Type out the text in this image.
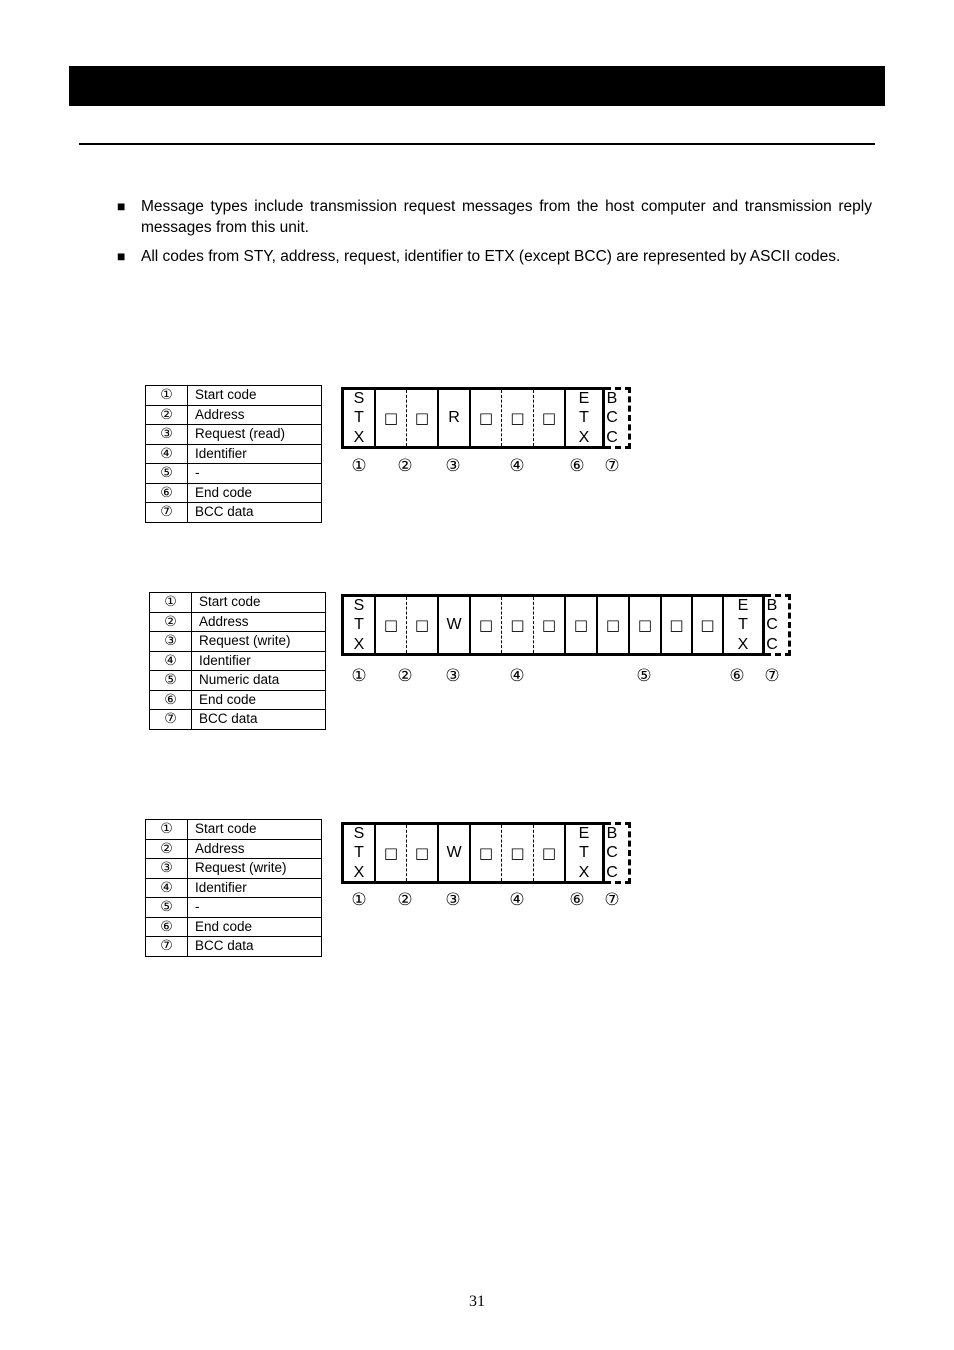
■	Message types include transmission request messages from the host computer and transmission reply messages from this unit.
■	All codes from STY, address, request, identifier to ETX (except BCC) are represented by ASCII codes.
①	Start code
②	Address
③	Request (read)
④	Identifier
⑤	-
⑥	End code
⑦	BCC data
S
T
X
□	□	R	□	□	□
E
T
X
B
C
C
① ② ③	④	⑥ ⑦
①	Start code
②	Address
③	Request (write)
④	Identifier
⑤	Numeric data
⑥	End code
⑦	BCC data
S
T
X
□	□	W	□	□	□	□	□	□	□	□
E
T
X
B
C
C
① ② ③	④	⑤	⑥ ⑦
①	Start code
②	Address
③	Request (write)
④	Identifier
⑤	-
⑥	End code
⑦	BCC data
S
T
X
□	□	W	□	□	□
E
T
X
B
C
C
① ② ③	④	⑥ ⑦
31
